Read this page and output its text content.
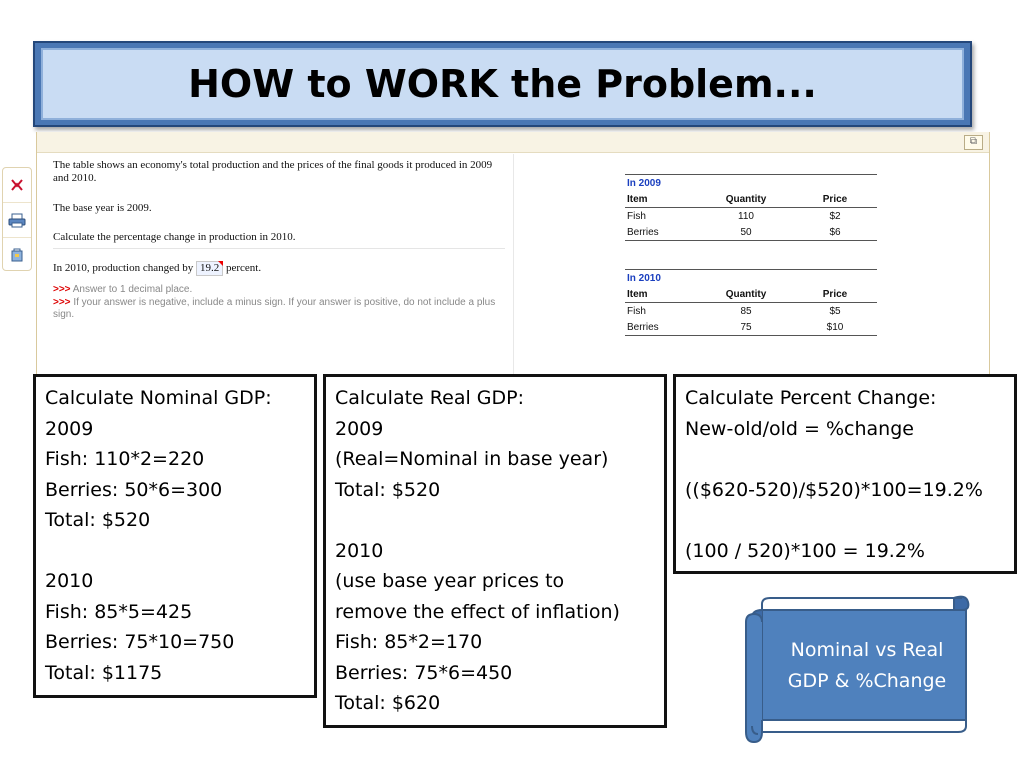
HOW to WORK the Problem...
⧉
The table shows an economy's total production and the prices of the final goods it produced in 2009 and 2010.
The base year is 2009.
Calculate the percentage change in production in 2010.
In 2010, production changed by 19.2 percent.
>>> Answer to 1 decimal place.
>>> If your answer is negative, include a minus sign. If your answer is positive, do not include a plus sign.
In 2009		
Item	Quantity	Price
Fish	110	$2
Berries	50	$6
In 2010		
Item	Quantity	Price
Fish	85	$5
Berries	75	$10
Calculate Nominal GDP:
2009
Fish: 110*2=220
Berries: 50*6=300
Total: $520
2010
Fish: 85*5=425
Berries: 75*10=750
Total: $1175
Calculate Real GDP:
2009
(Real=Nominal in base year)
Total: $520
2010
(use base year prices to
remove the effect of inflation)
Fish: 85*2=170
Berries: 75*6=450
Total: $620
Calculate Percent Change:
New-old/old = %change
(($620-520)/$520)*100=19.2%
(100 / 520)*100 = 19.2%
Nominal vs Real
GDP & %Change
